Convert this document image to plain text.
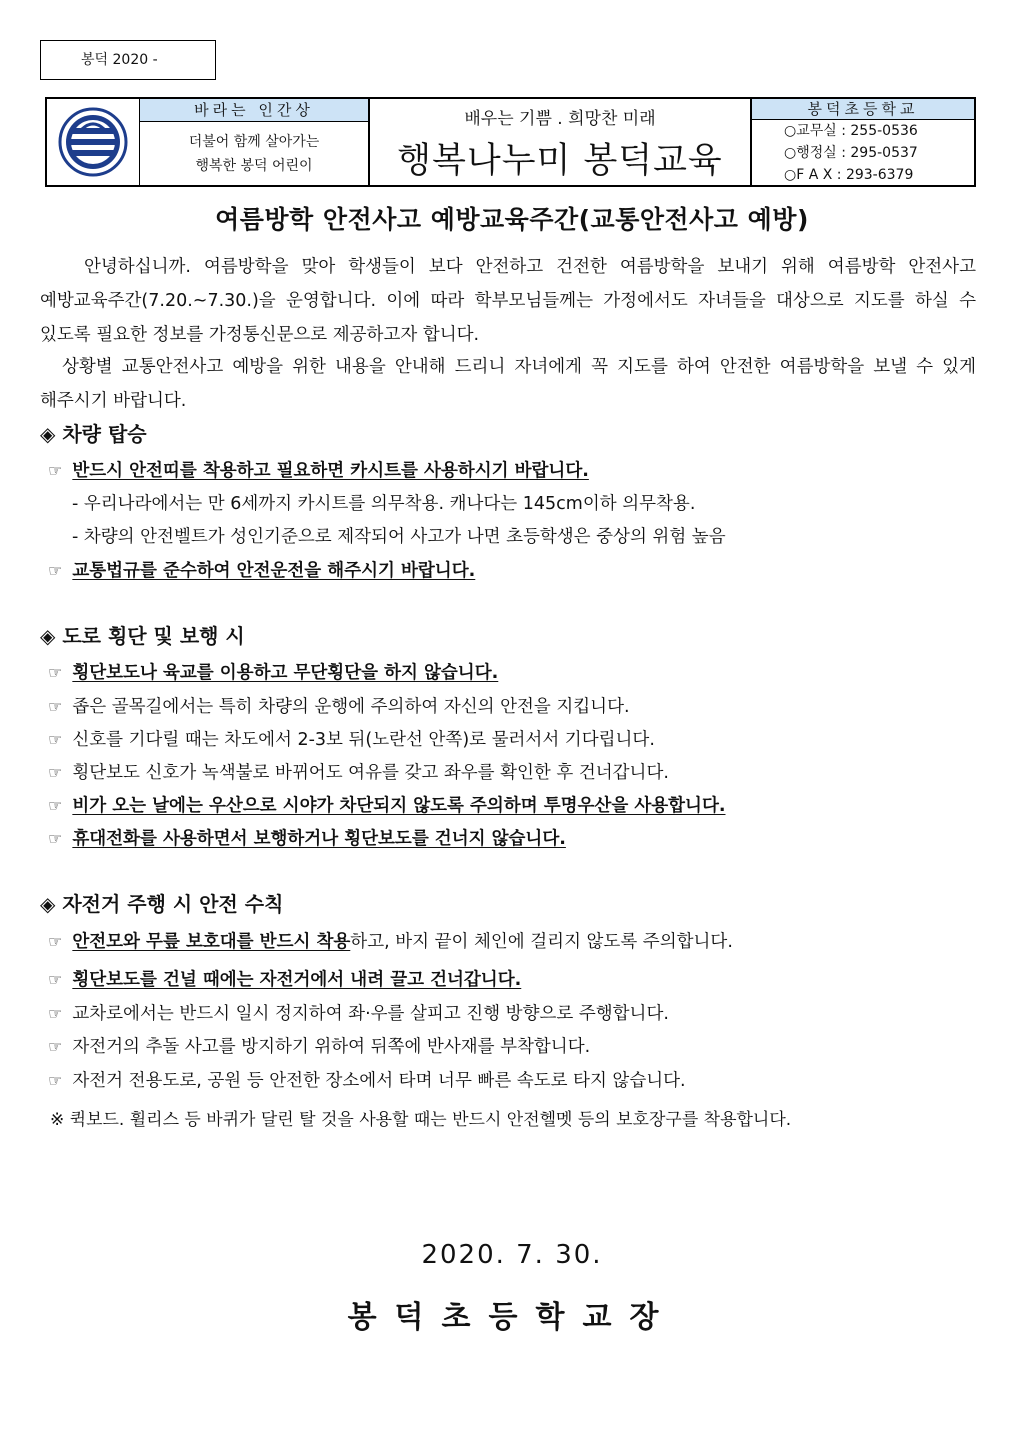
봉덕 2020 -
바라는 인간상
더불어 함께 살아가는
행복한 봉덕 어린이
배우는 기쁨 . 희망찬 미래
행복나누미 봉덕교육
봉덕초등학교
○교무실 : 255-0536
○행정실 : 295-0537
○F A X : 293-6379
여름방학 안전사고 예방교육주간(교통안전사고 예방)
안녕하십니까. 여름방학을 맞아 학생들이 보다 안전하고 건전한 여름방학을 보내기 위해 여름방학 안전사고 예방교육주간(7.20.~7.30.)을 운영합니다. 이에 따라 학부모님들께는 가정에서도 자녀들을 대상으로 지도를 하실 수 있도록 필요한 정보를 가정통신문으로 제공하고자 합니다.
상황별 교통안전사고 예방을 위한 내용을 안내해 드리니 자녀에게 꼭 지도를 하여 안전한 여름방학을 보낼 수 있게 해주시기 바랍니다.
◈ 차량 탑승
☞ 반드시 안전띠를 착용하고 필요하면 카시트를 사용하시기 바랍니다.
- 우리나라에서는 만 6세까지 카시트를 의무착용. 캐나다는 145cm이하 의무착용.
- 차량의 안전벨트가 성인기준으로 제작되어 사고가 나면 초등학생은 중상의 위험 높음
☞ 교통법규를 준수하여 안전운전을 해주시기 바랍니다.
◈ 도로 횡단 및 보행 시
☞ 횡단보도나 육교를 이용하고 무단횡단을 하지 않습니다.
☞ 좁은 골목길에서는 특히 차량의 운행에 주의하여 자신의 안전을 지킵니다.
☞ 신호를 기다릴 때는 차도에서 2-3보 뒤(노란선 안쪽)로 물러서서 기다립니다.
☞ 횡단보도 신호가 녹색불로 바뀌어도 여유를 갖고 좌우를 확인한 후 건너갑니다.
☞ 비가 오는 날에는 우산으로 시야가 차단되지 않도록 주의하며 투명우산을 사용합니다.
☞ 휴대전화를 사용하면서 보행하거나 횡단보도를 건너지 않습니다.
◈ 자전거 주행 시 안전 수칙
☞ 안전모와 무릎 보호대를 반드시 착용하고, 바지 끝이 체인에 걸리지 않도록 주의합니다.
☞ 횡단보도를 건널 때에는 자전거에서 내려 끌고 건너갑니다.
☞ 교차로에서는 반드시 일시 정지하여 좌·우를 살피고 진행 방향으로 주행합니다.
☞ 자전거의 추돌 사고를 방지하기 위하여 뒤쪽에 반사재를 부착합니다.
☞ 자전거 전용도로, 공원 등 안전한 장소에서 타며 너무 빠른 속도로 타지 않습니다.
※ 퀵보드. 휠리스 등 바퀴가 달린 탈 것을 사용할 때는 반드시 안전헬멧 등의 보호장구를 착용합니다.
2020. 7. 30.
봉덕초등학교장
